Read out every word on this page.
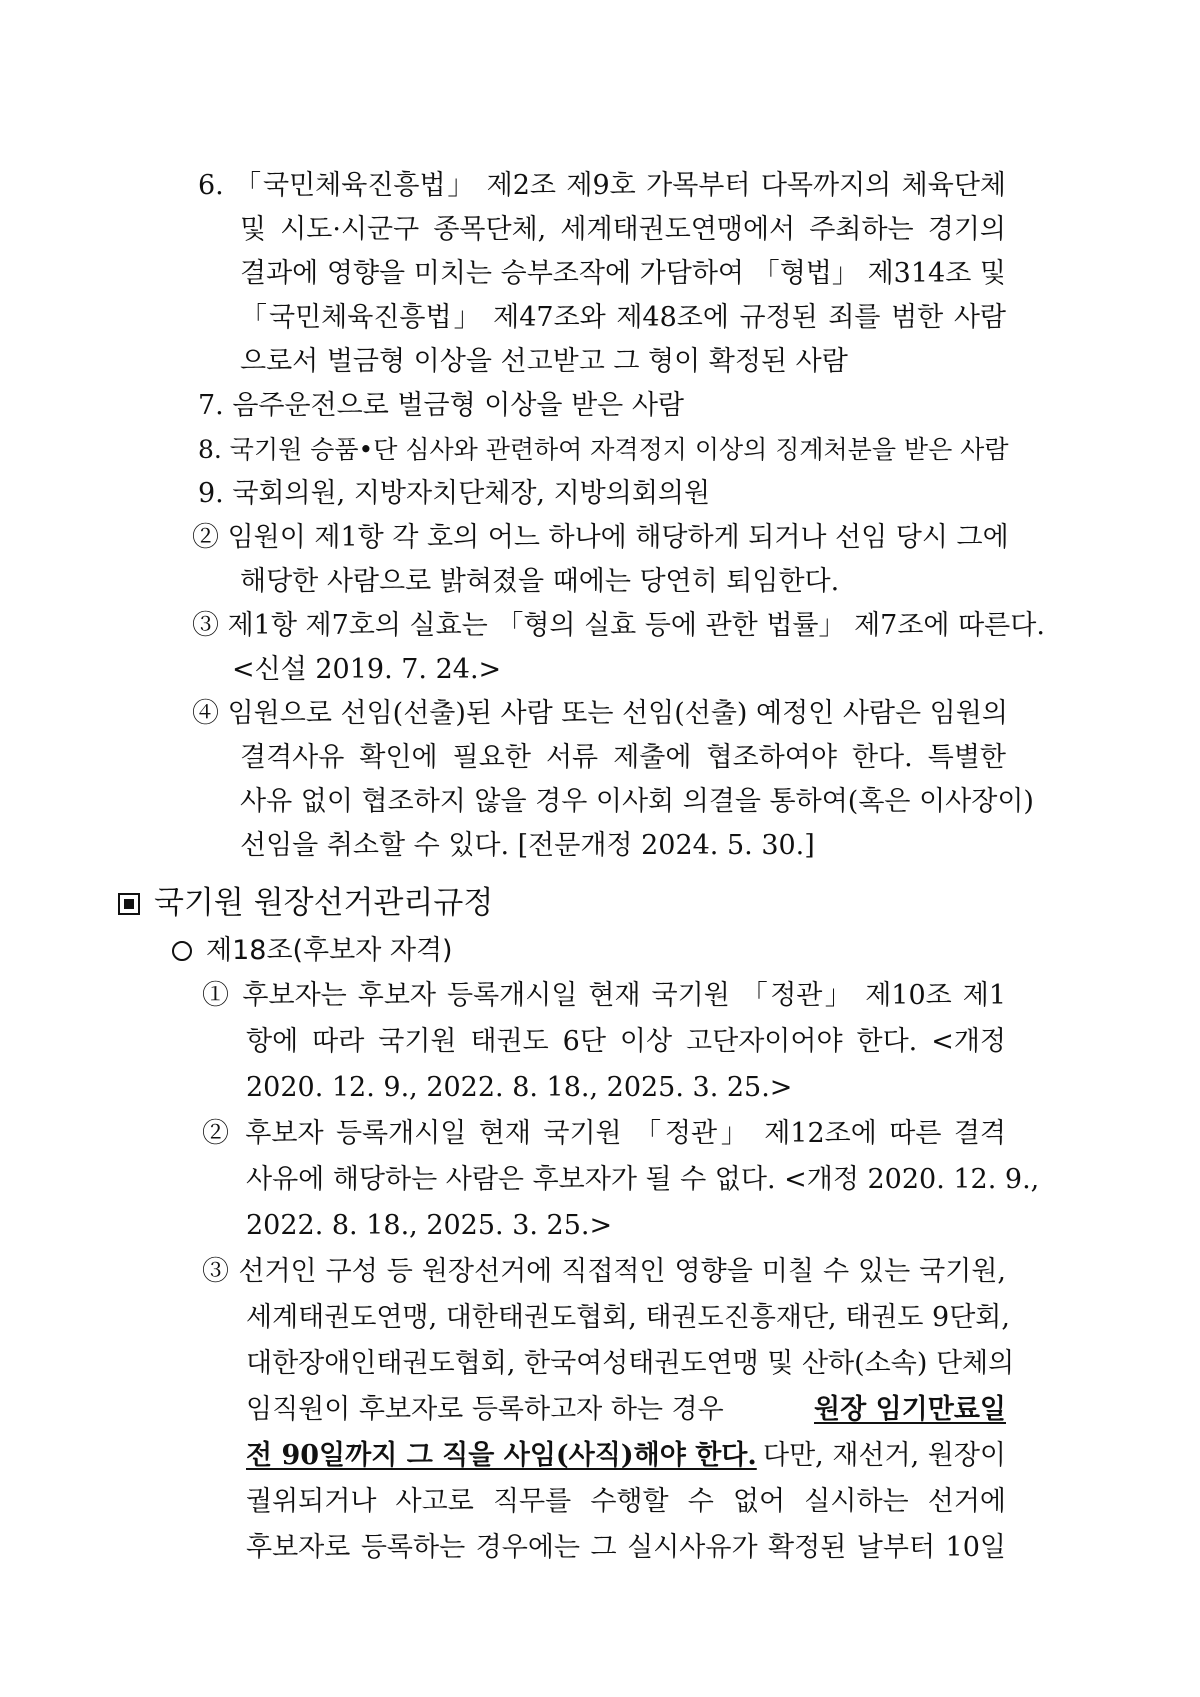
6. 「국민체육진흥법」 제2조 제9호 가목부터 다목까지의 체육단체
및 시도·시군구 종목단체, 세계태권도연맹에서 주최하는 경기의
결과에 영향을 미치는 승부조작에 가담하여 「형법」 제314조 및
「국민체육진흥법」 제47조와 제48조에 규정된 죄를 범한 사람
으로서 벌금형 이상을 선고받고 그 형이 확정된 사람
7. 음주운전으로 벌금형 이상을 받은 사람
8. 국기원 승품•단 심사와 관련하여 자격정지 이상의 징계처분을 받은 사람
9. 국회의원, 지방자치단체장, 지방의회의원
② 임원이 제1항 각 호의 어느 하나에 해당하게 되거나 선임 당시 그에
해당한 사람으로 밝혀졌을 때에는 당연히 퇴임한다.
③ 제1항 제7호의 실효는 「형의 실효 등에 관한 법률」 제7조에 따른다.
<신설 2019. 7. 24.>
④ 임원으로 선임(선출)된 사람 또는 선임(선출) 예정인 사람은 임원의
결격사유 확인에 필요한 서류 제출에 협조하여야 한다. 특별한
사유 없이 협조하지 않을 경우 이사회 의결을 통하여(혹은 이사장이)
선임을 취소할 수 있다. [전문개정 2024. 5. 30.]
국기원 원장선거관리규정
제18조(후보자 자격)
① 후보자는 후보자 등록개시일 현재 국기원 「정관」 제10조 제1
항에 따라 국기원 태권도 6단 이상 고단자이어야 한다. <개정
2020. 12. 9., 2022. 8. 18., 2025. 3. 25.>
② 후보자 등록개시일 현재 국기원 「정관」 제12조에 따른 결격
사유에 해당하는 사람은 후보자가 될 수 없다. <개정 2020. 12. 9.,
2022. 8. 18., 2025. 3. 25.>
③ 선거인 구성 등 원장선거에 직접적인 영향을 미칠 수 있는 국기원,
세계태권도연맹, 대한태권도협회, 태권도진흥재단, 태권도 9단회,
대한장애인태권도협회, 한국여성태권도연맹 및 산하(소속) 단체의
임직원이 후보자로 등록하고자 하는 경우	원장 임기만료일
전 90일까지 그 직을 사임(사직)해야 한다. 다만, 재선거, 원장이
궐위되거나 사고로 직무를 수행할 수 없어 실시하는 선거에
후보자로 등록하는 경우에는 그 실시사유가 확정된 날부터 10일
